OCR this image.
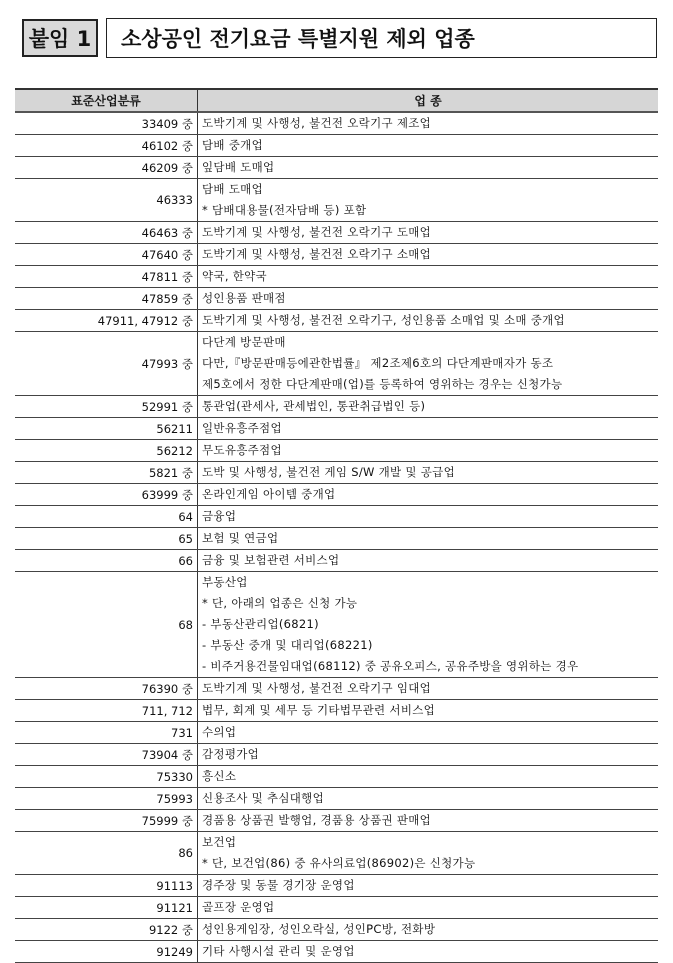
붙임 1	소상공인 전기요금 특별지원 제외 업종
표준산업분류	업 종
33409 중	도박기계 및 사행성, 불건전 오락기구 제조업

46102 중	담배 중개업

46209 중	잎담배 도매업

46333	담배 도매업
* 담배대용물(전자담배 등) 포함

46463 중	도박기계 및 사행성, 불건전 오락기구 도매업

47640 중	도박기계 및 사행성, 불건전 오락기구 소매업

47811 중	약국, 한약국

47859 중	성인용품 판매점

47911, 47912 중	도박기계 및 사행성, 불건전 오락기구, 성인용품 소매업 및 소매 중개업

47993 중	다단계 방문판매
다만,『방문판매등에관한법률』 제2조제6호의 다단계판매자가 동조
제5호에서 정한 다단계판매(업)를 등록하여 영위하는 경우는 신청가능

52991 중	통관업(관세사, 관세법인, 통관취급법인 등)

56211	일반유흥주점업

56212	무도유흥주점업

5821 중	도박 및 사행성, 불건전 게임 S/W 개발 및 공급업

63999 중	온라인게임 아이템 중개업

64	금융업

65	보험 및 연금업

66	금융 및 보험관련 서비스업

68	부동산업
* 단, 아래의 업종은 신청 가능
- 부동산관리업(6821)
- 부동산 중개 및 대리업(68221)
- 비주거용건물임대업(68112) 중 공유오피스, 공유주방을 영위하는 경우

76390 중	도박기계 및 사행성, 불건전 오락기구 임대업

711, 712	법무, 회계 및 세무 등 기타법무관련 서비스업

731	수의업

73904 중	감정평가업

75330	흥신소

75993	신용조사 및 추심대행업

75999 중	경품용 상품권 발행업, 경품용 상품권 판매업

86	보건업
* 단, 보건업(86) 중 유사의료업(86902)은 신청가능

91113	경주장 및 동물 경기장 운영업

91121	골프장 운영업

9122 중	성인용게임장, 성인오락실, 성인PC방, 전화방

91249	기타 사행시설 관리 및 운영업
